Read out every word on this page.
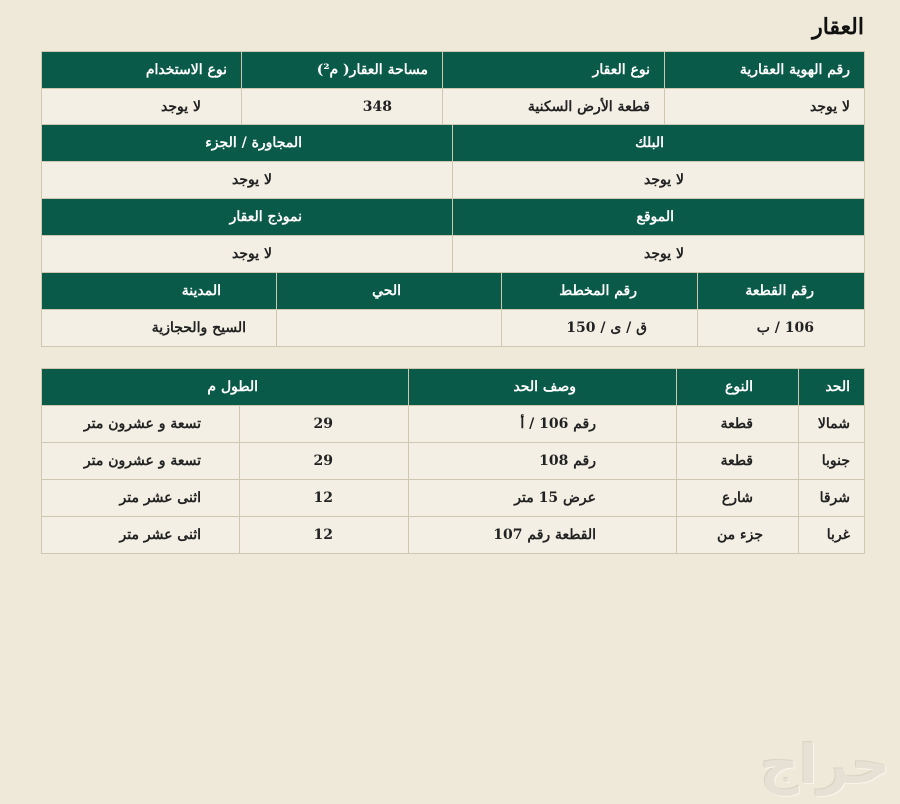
العقار
رقم الهوية العقارية	نوع العقار	مساحة العقار( م²)	نوع الاستخدام
لا يوجد	قطعة الأرض السكنية	348	لا يوجد
البلك	المجاورة / الجزء
لا يوجد	لا يوجد
الموقع	نموذج العقار
لا يوجد	لا يوجد
رقم القطعة	رقم المخطط	الحي	المدينة
106 / ب	ق / ى / 150		السيح والحجازية
الحد	النوع	وصف الحد	الطول م	
شمالا	قطعة	رقم 106 / أ	29	تسعة و عشرون متر
جنوبا	قطعة	رقم 108	29	تسعة و عشرون متر
شرقا	شارع	عرض 15 متر	12	اثنى عشر متر
غربا	جزء من	القطعة رقم 107	12	اثنى عشر متر
حراج
